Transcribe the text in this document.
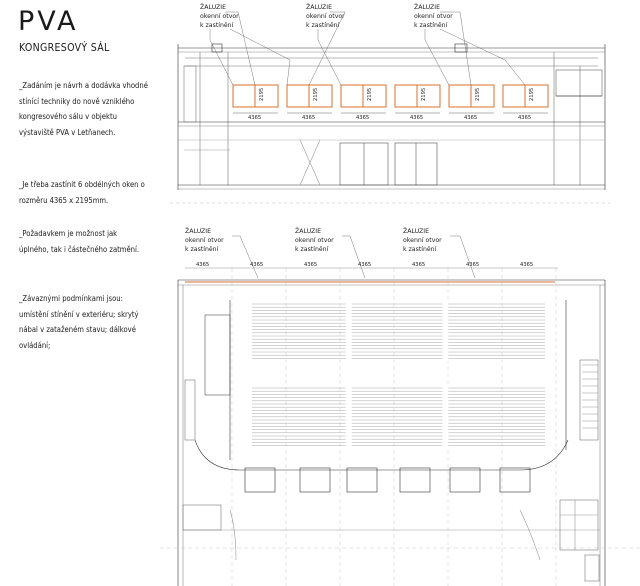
PVA
KONGRESOVÝ SÁL
_Zadáním je návrh a dodávka vhodné stínící techniky do nově vzniklého kongresového sálu v objektu výstaviště PVA v Letňanech.
_Je třeba zastínit 6 obdélných oken o rozměru 4365 x 2195mm.
_Požadavkem je možnost jak úplného, tak i částečného zatmění.
_Závaznými podmínkami jsou: umístění stínění v exteriéru; skrytý nábal v zataženém stavu; dálkové ovládání;
4365	4365	4365	4365	4365	4365
2195	2195	2195	2195	2195	2195
ŽALUZIE
okenní otvor
k zastínění
ŽALUZIE
okenní otvor
k zastínění
ŽALUZIE
okenní otvor
k zastínění
ŽALUZIE
okenní otvor
k zastínění
ŽALUZIE
okenní otvor
k zastínění
ŽALUZIE
okenní otvor
k zastínění
4365	4365	4365	4365	4365	4365	4365
